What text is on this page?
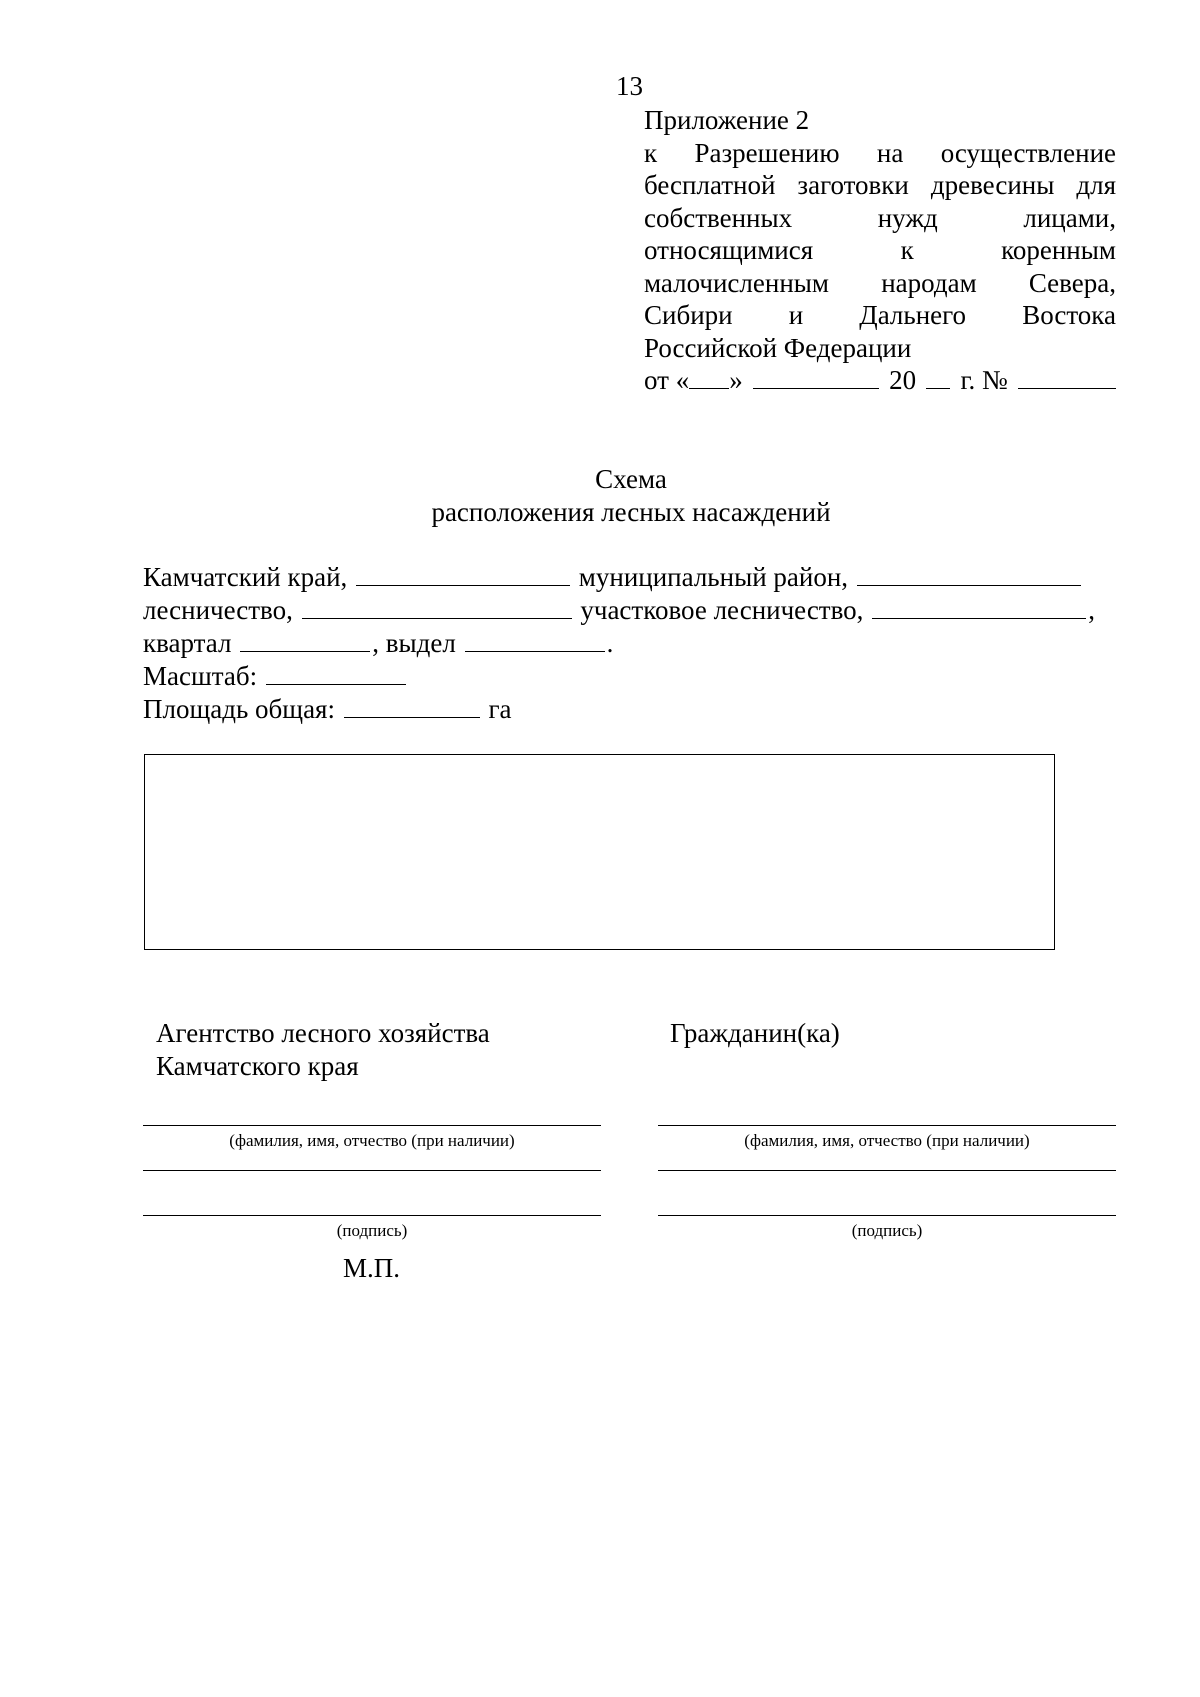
13
Приложение 2
к Разрешению на осуществление
бесплатной заготовки древесины для
собственных	нужд	лицами,
относящимися	к	коренным
малочисленным народам Севера,
Сибири и Дальнего Востока
Российской Федерации
от « »	20 г. №
Схема
расположения лесных насаждений
Камчатский край,	муниципальный район,
лесничество,	участковое лесничество,	,
квартал	, выдел	.
Масштаб:
Площадь общая:	га
Агентство лесного хозяйства
Камчатского края
(фамилия, имя, отчество (при наличии)
(подпись)
М.П.
Гражданин(ка)
(фамилия, имя, отчество (при наличии)
(подпись)
